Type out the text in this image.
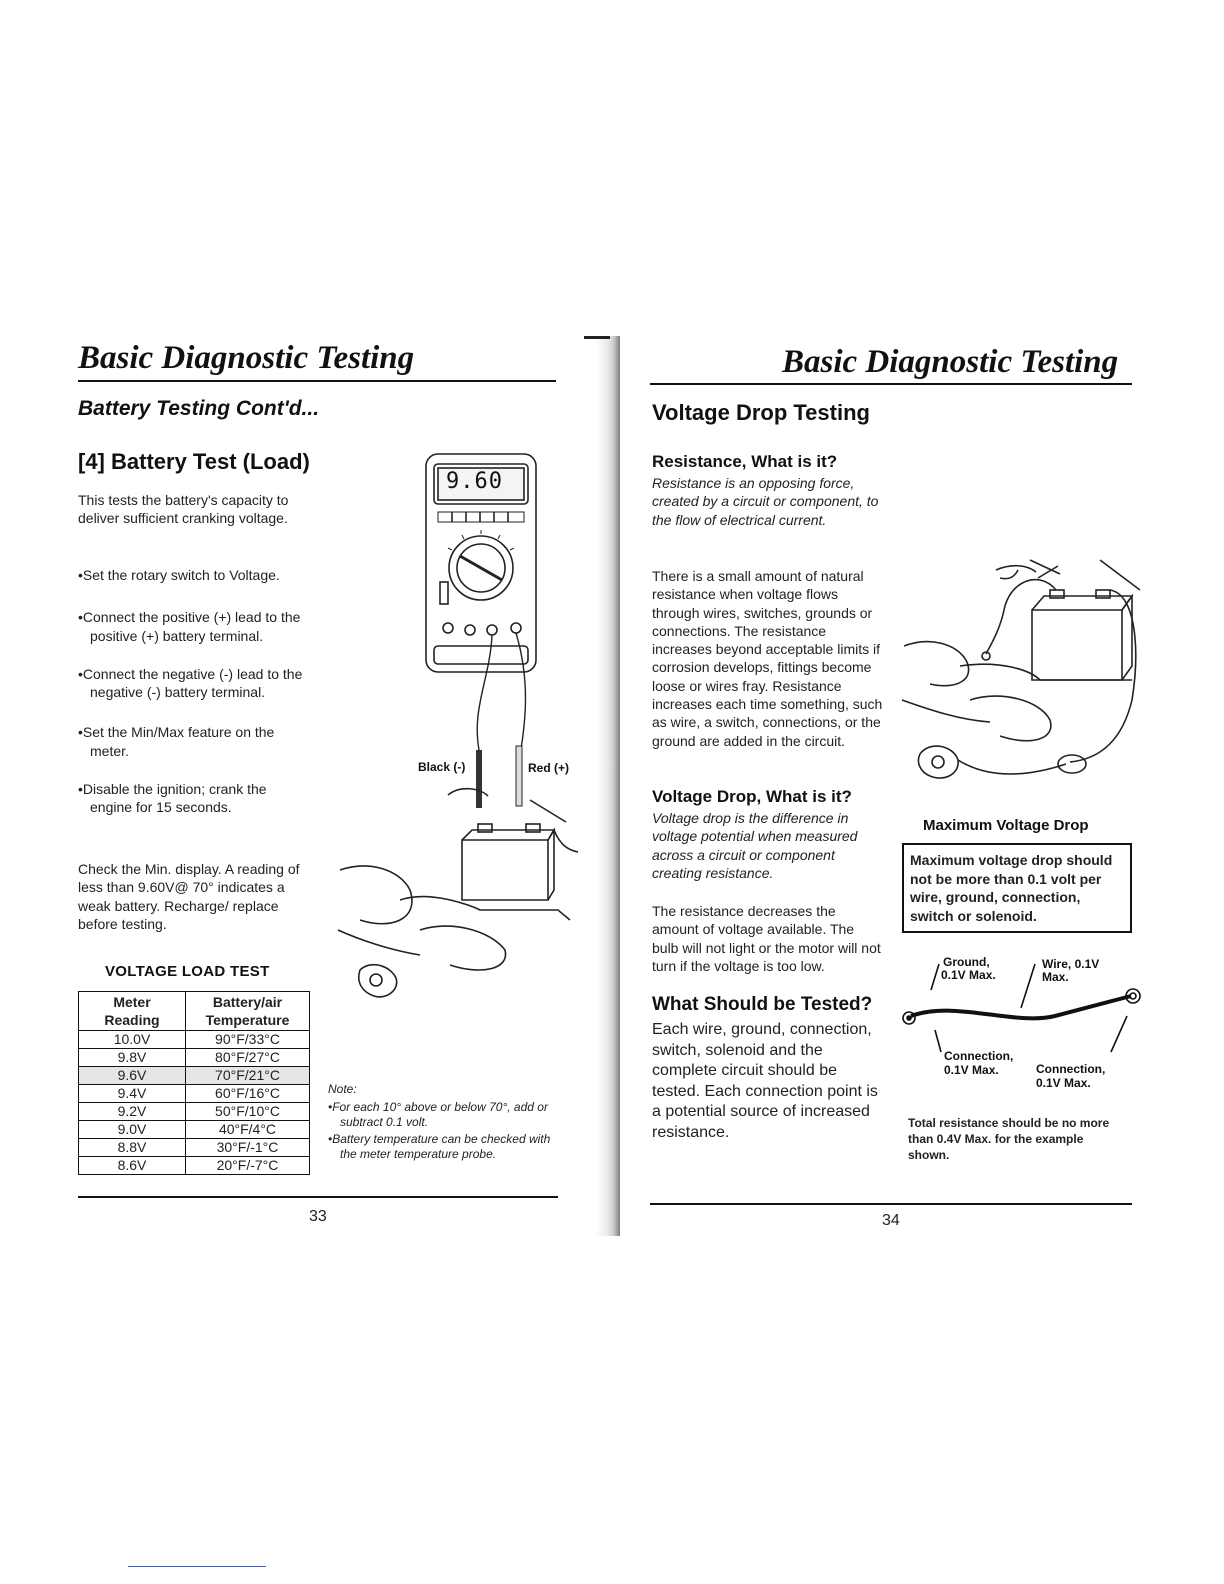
Basic Diagnostic Testing
Battery Testing Cont'd...
[4] Battery Test (Load)
This tests the battery's capacity to deliver sufficient cranking voltage.

• Set the rotary switch to Voltage.

• Connect the positive (+) lead to the positive (+) battery terminal.

• Connect the negative (-) lead to the negative (-) battery terminal.

• Set the Min/Max feature on the meter.

• Disable the ignition; crank the engine for 15 seconds.

Check the Min. display. A reading of less than 9.60V@ 70° indicates a weak battery. Recharge/ replace before testing.
VOLTAGE LOAD TEST
Meter Reading	Battery/air Temperature
10.0V	90°F/33°C
9.8V	80°F/27°C
9.6V	70°F/21°C
9.4V	60°F/16°C
9.2V	50°F/10°C
9.0V	40°F/4°C
8.8V	30°F/-1°C
8.6V	20°F/-7°C
9.60
Black (-)	Red (+)
Note:

• For each 10° above or below 70°, add or subtract 0.1 volt.

• Battery temperature can be checked with the meter temperature probe.

33
Basic Diagnostic Testing
Voltage Drop Testing
Resistance, What is it?
Resistance is an opposing force, created by a circuit or component, to the flow of electrical current.
There is a small amount of natural resistance when voltage flows through wires, switches, grounds or connections. The resistance increases beyond acceptable limits if corrosion develops, fittings become loose or wires fray. Resistance increases each time something, such as wire, a switch, connections, or the ground are added in the circuit.
Voltage Drop, What is it?
Voltage drop is the difference in voltage potential when measured across a circuit or component creating resistance.
The resistance decreases the amount of voltage available. The bulb will not light or the motor will not turn if the voltage is too low.
What Should be Tested?
Each wire, ground, connection, switch, solenoid and the complete circuit should be tested. Each connection point is a potential source of increased resistance.
Maximum Voltage Drop
Maximum voltage drop should not be more than 0.1 volt per wire, ground, connection, switch or solenoid.
Ground,
0.1V Max.
Wire, 0.1V
Max.
Connection,
0.1V Max.	Connection,
0.1V Max.
Total resistance should be no more than 0.4V Max. for the example shown.
34
